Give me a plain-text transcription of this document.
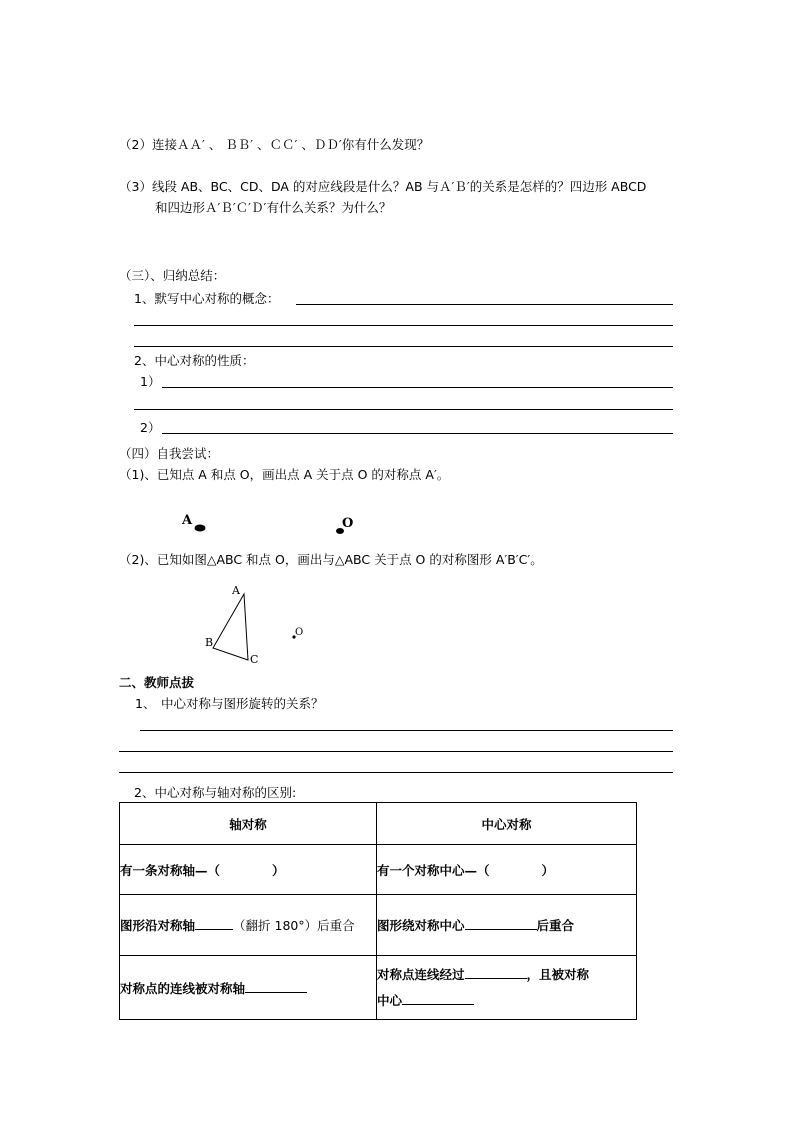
（2）连接ＡＡ′ 、 ＢＢ′ 、ＣＣ′ 、ＤＤ′你有什么发现？
（3）线段 AB、BC、CD、DA 的对应线段是什么？AB 与Ａ′Ｂ′的关系是怎样的？四边形 ABCD
和四边形Ａ′Ｂ′Ｃ′Ｄ′有什么关系？为什么？
（三）、归纳总结：
1、默写中心对称的概念：
2、中心对称的性质：
1）
2）
（四）自我尝试：
（1)、已知点 A 和点 O，画出点 A 关于点 O 的对称点 A′。
A	O
（2)、已知如图△ABC 和点 O，画出与△ABC 关于点 O 的对称图形 A′B′C′。
A
B
C
O
二、教师点拔
1、 中心对称与图形旋转的关系？
2、中心对称与轴对称的区别:
轴对称	中心对称
有一条对称轴—（ ）	有一个对称中心—（ ）
图形沿对称轴 （翻折 180°）后重合	图形绕对称中心 后重合
对称点的连线被对称轴	对称点连线经过 ，且被对称
中心
